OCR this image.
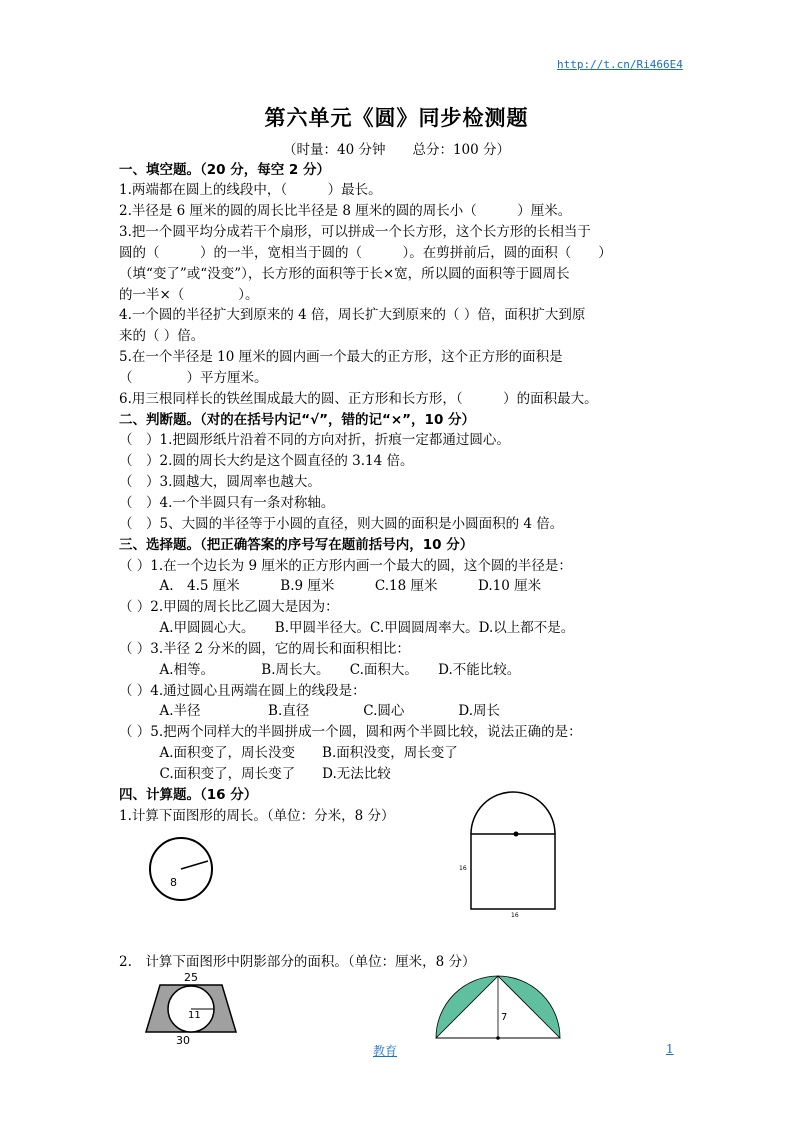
http://t.cn/Ri466E4
第六单元《圆》同步检测题
（时量：40 分钟　　总分：100 分）
一、填空题。（20 分，每空 2 分）
1.两端都在圆上的线段中，（　　　）最长。
2.半径是 6 厘米的圆的周长比半径是 8 厘米的圆的周长小（　　　）厘米。
3.把一个圆平均分成若干个扇形，可以拼成一个长方形，这个长方形的长相当于
圆的（　　　）的一半，宽相当于圆的（　　　）。在剪拼前后，圆的面积（　　）
（填“变了”或“没变”），长方形的面积等于长×宽，所以圆的面积等于圆周长
的一半×（　　　　）。
4.一个圆的半径扩大到原来的 4 倍，周长扩大到原来的（ ）倍，面积扩大到原
来的（ ）倍。
5.在一个半径是 10 厘米的圆内画一个最大的正方形，这个正方形的面积是
（　　　　）平方厘米。
6.用三根同样长的铁丝围成最大的圆、正方形和长方形，（　　　）的面积最大。
二、判断题。（对的在括号内记“√”，错的记“×”，10 分）
（　）1.把圆形纸片沿着不同的方向对折，折痕一定都通过圆心。
（　）2.圆的周长大约是这个圆直径的 3.14 倍。
（　）3.圆越大，圆周率也越大。
（　）4.一个半圆只有一条对称轴。
（　）5、大圆的半径等于小圆的直径，则大圆的面积是小圆面积的 4 倍。
三、选择题。（把正确答案的序号写在题前括号内，10 分）
（ ）1.在一个边长为 9 厘米的正方形内画一个最大的圆，这个圆的半径是：
　　　A.　4.5 厘米　　　B.9 厘米　　　C.18 厘米　　　D.10 厘米
（ ）2.甲圆的周长比乙圆大是因为：
　　　A.甲圆圆心大。　　B.甲圆半径大。C.甲圆圆周率大。D.以上都不是。
（ ）3.半径 2 分米的圆，它的周长和面积相比：
　　　A.相等。　　　　B.周长大。　　C.面积大。　　D.不能比较。
（ ）4.通过圆心且两端在圆上的线段是：
　　　A.半径　　　　　B.直径　　　　C.圆心　　　　D.周长
（ ）5.把两个同样大的半圆拼成一个圆，圆和两个半圆比较，说法正确的是：
　　　A.面积变了，周长没变　　B.面积没变，周长变了
　　　C.面积变了，周长变了　　D.无法比较
四、计算题。（16 分）
1.计算下面图形的周长。（单位：分米，8 分）
8
16
16
2.　计算下面图形中阴影部分的面积。（单位：厘米，8 分）
25
11
30
7
教育	1
